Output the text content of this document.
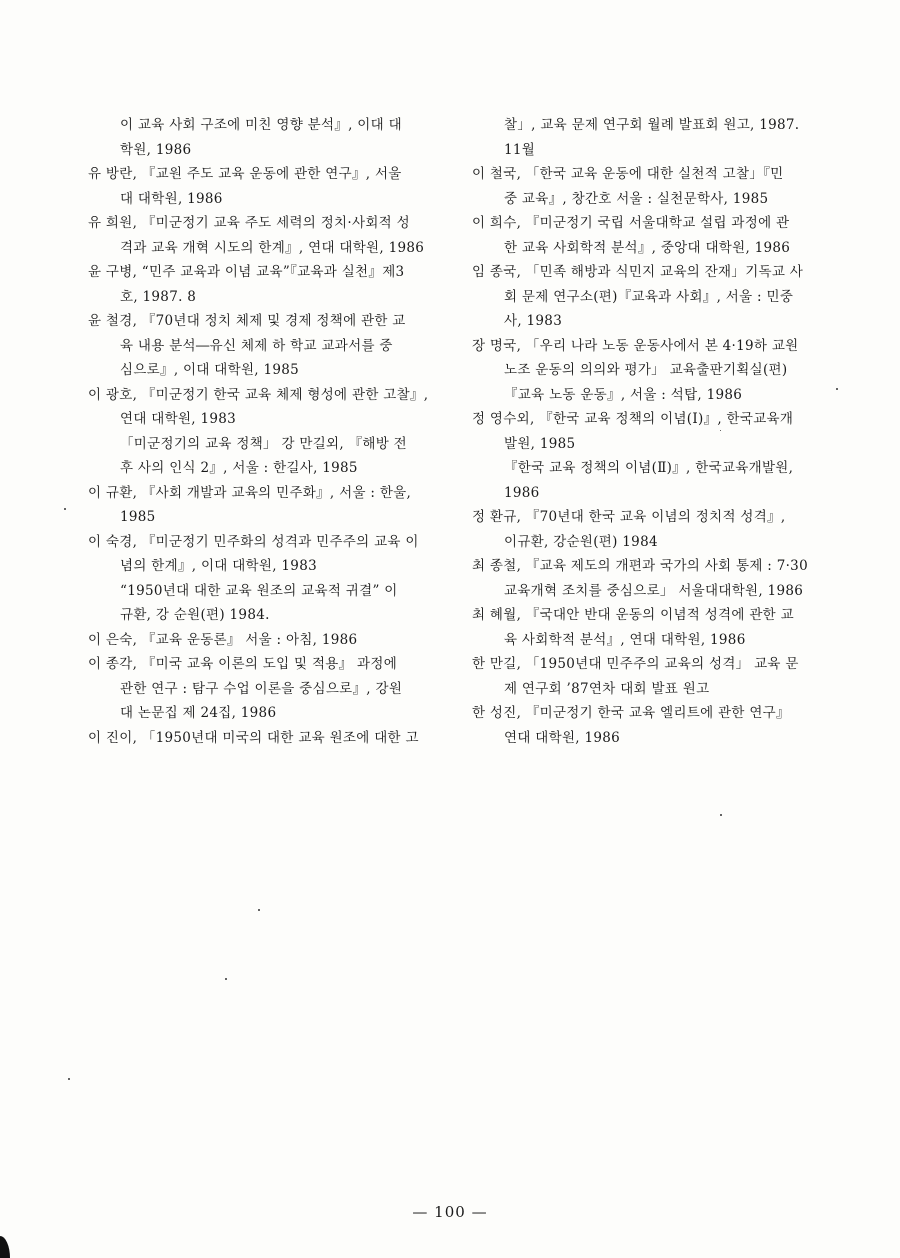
이 교육 사회 구조에 미친 영향 분석』, 이대 대
학원, 1986
유 방란, 『교원 주도 교육 운동에 관한 연구』, 서울
대 대학원, 1986
유 희원, 『미군정기 교육 주도 세력의 정치·사회적 성
격과 교육 개혁 시도의 한계』, 연대 대학원, 1986
윤 구병, “민주 교육과 이념 교육”『교육과 실천』제3
호, 1987. 8
윤 철경, 『70년대 정치 체제 및 경제 정책에 관한 교
육 내용 분석―유신 체제 하 학교 교과서를 중
심으로』, 이대 대학원, 1985
이 광호, 『미군정기 한국 교육 체제 형성에 관한 고찰』,
연대 대학원, 1983
「미군정기의 교육 정책」 강 만길외, 『해방 전
후 사의 인식 2』, 서울 : 한길사, 1985
이 규환, 『사회 개발과 교육의 민주화』, 서울 : 한울,
1985
이 숙경, 『미군정기 민주화의 성격과 민주주의 교육 이
념의 한계』, 이대 대학원, 1983
“1950년대 대한 교육 원조의 교육적 귀결” 이
규환, 강 순원(편) 1984.
이 은숙, 『교육 운동론』 서울 : 아침, 1986
이 종각, 『미국 교육 이론의 도입 및 적용』 과정에
관한 연구 : 탐구 수업 이론을 중심으로』, 강원
대 논문집 제 24집, 1986
이 진이, 「1950년대 미국의 대한 교육 원조에 대한 고
찰」, 교육 문제 연구회 월례 발표회 원고, 1987.
11월
이 철국, 「한국 교육 운동에 대한 실천적 고찰」『민
중 교육』, 창간호 서울 : 실천문학사, 1985
이 희수, 『미군정기 국립 서울대학교 설립 과정에 관
한 교육 사회학적 분석』, 중앙대 대학원, 1986
임 종국, 「민족 해방과 식민지 교육의 잔재」기독교 사
회 문제 연구소(편)『교육과 사회』, 서울 : 민중
사, 1983
장 명국, 「우리 나라 노동 운동사에서 본 4·19하 교원
노조 운동의 의의와 평가」 교육출판기획실(편)
『교육 노동 운동』, 서울 : 석탑, 1986
정 영수외, 『한국 교육 정책의 이념(Ⅰ)』, 한국교육개
발원, 1985
『한국 교육 정책의 이념(Ⅱ)』, 한국교육개발원,
1986
정 환규, 『70년대 한국 교육 이념의 정치적 성격』,
이규환, 강순원(편) 1984
최 종철, 『교육 제도의 개편과 국가의 사회 통제 : 7·30
교육개혁 조치를 중심으로」 서울대대학원, 1986
최 혜월, 『국대안 반대 운동의 이념적 성격에 관한 교
육 사회학적 분석』, 연대 대학원, 1986
한 만길, 「1950년대 민주주의 교육의 성격」 교육 문
제 연구회 ’87연차 대회 발표 원고
한 성진, 『미군정기 한국 교육 엘리트에 관한 연구』
연대 대학원, 1986
— 100 —
